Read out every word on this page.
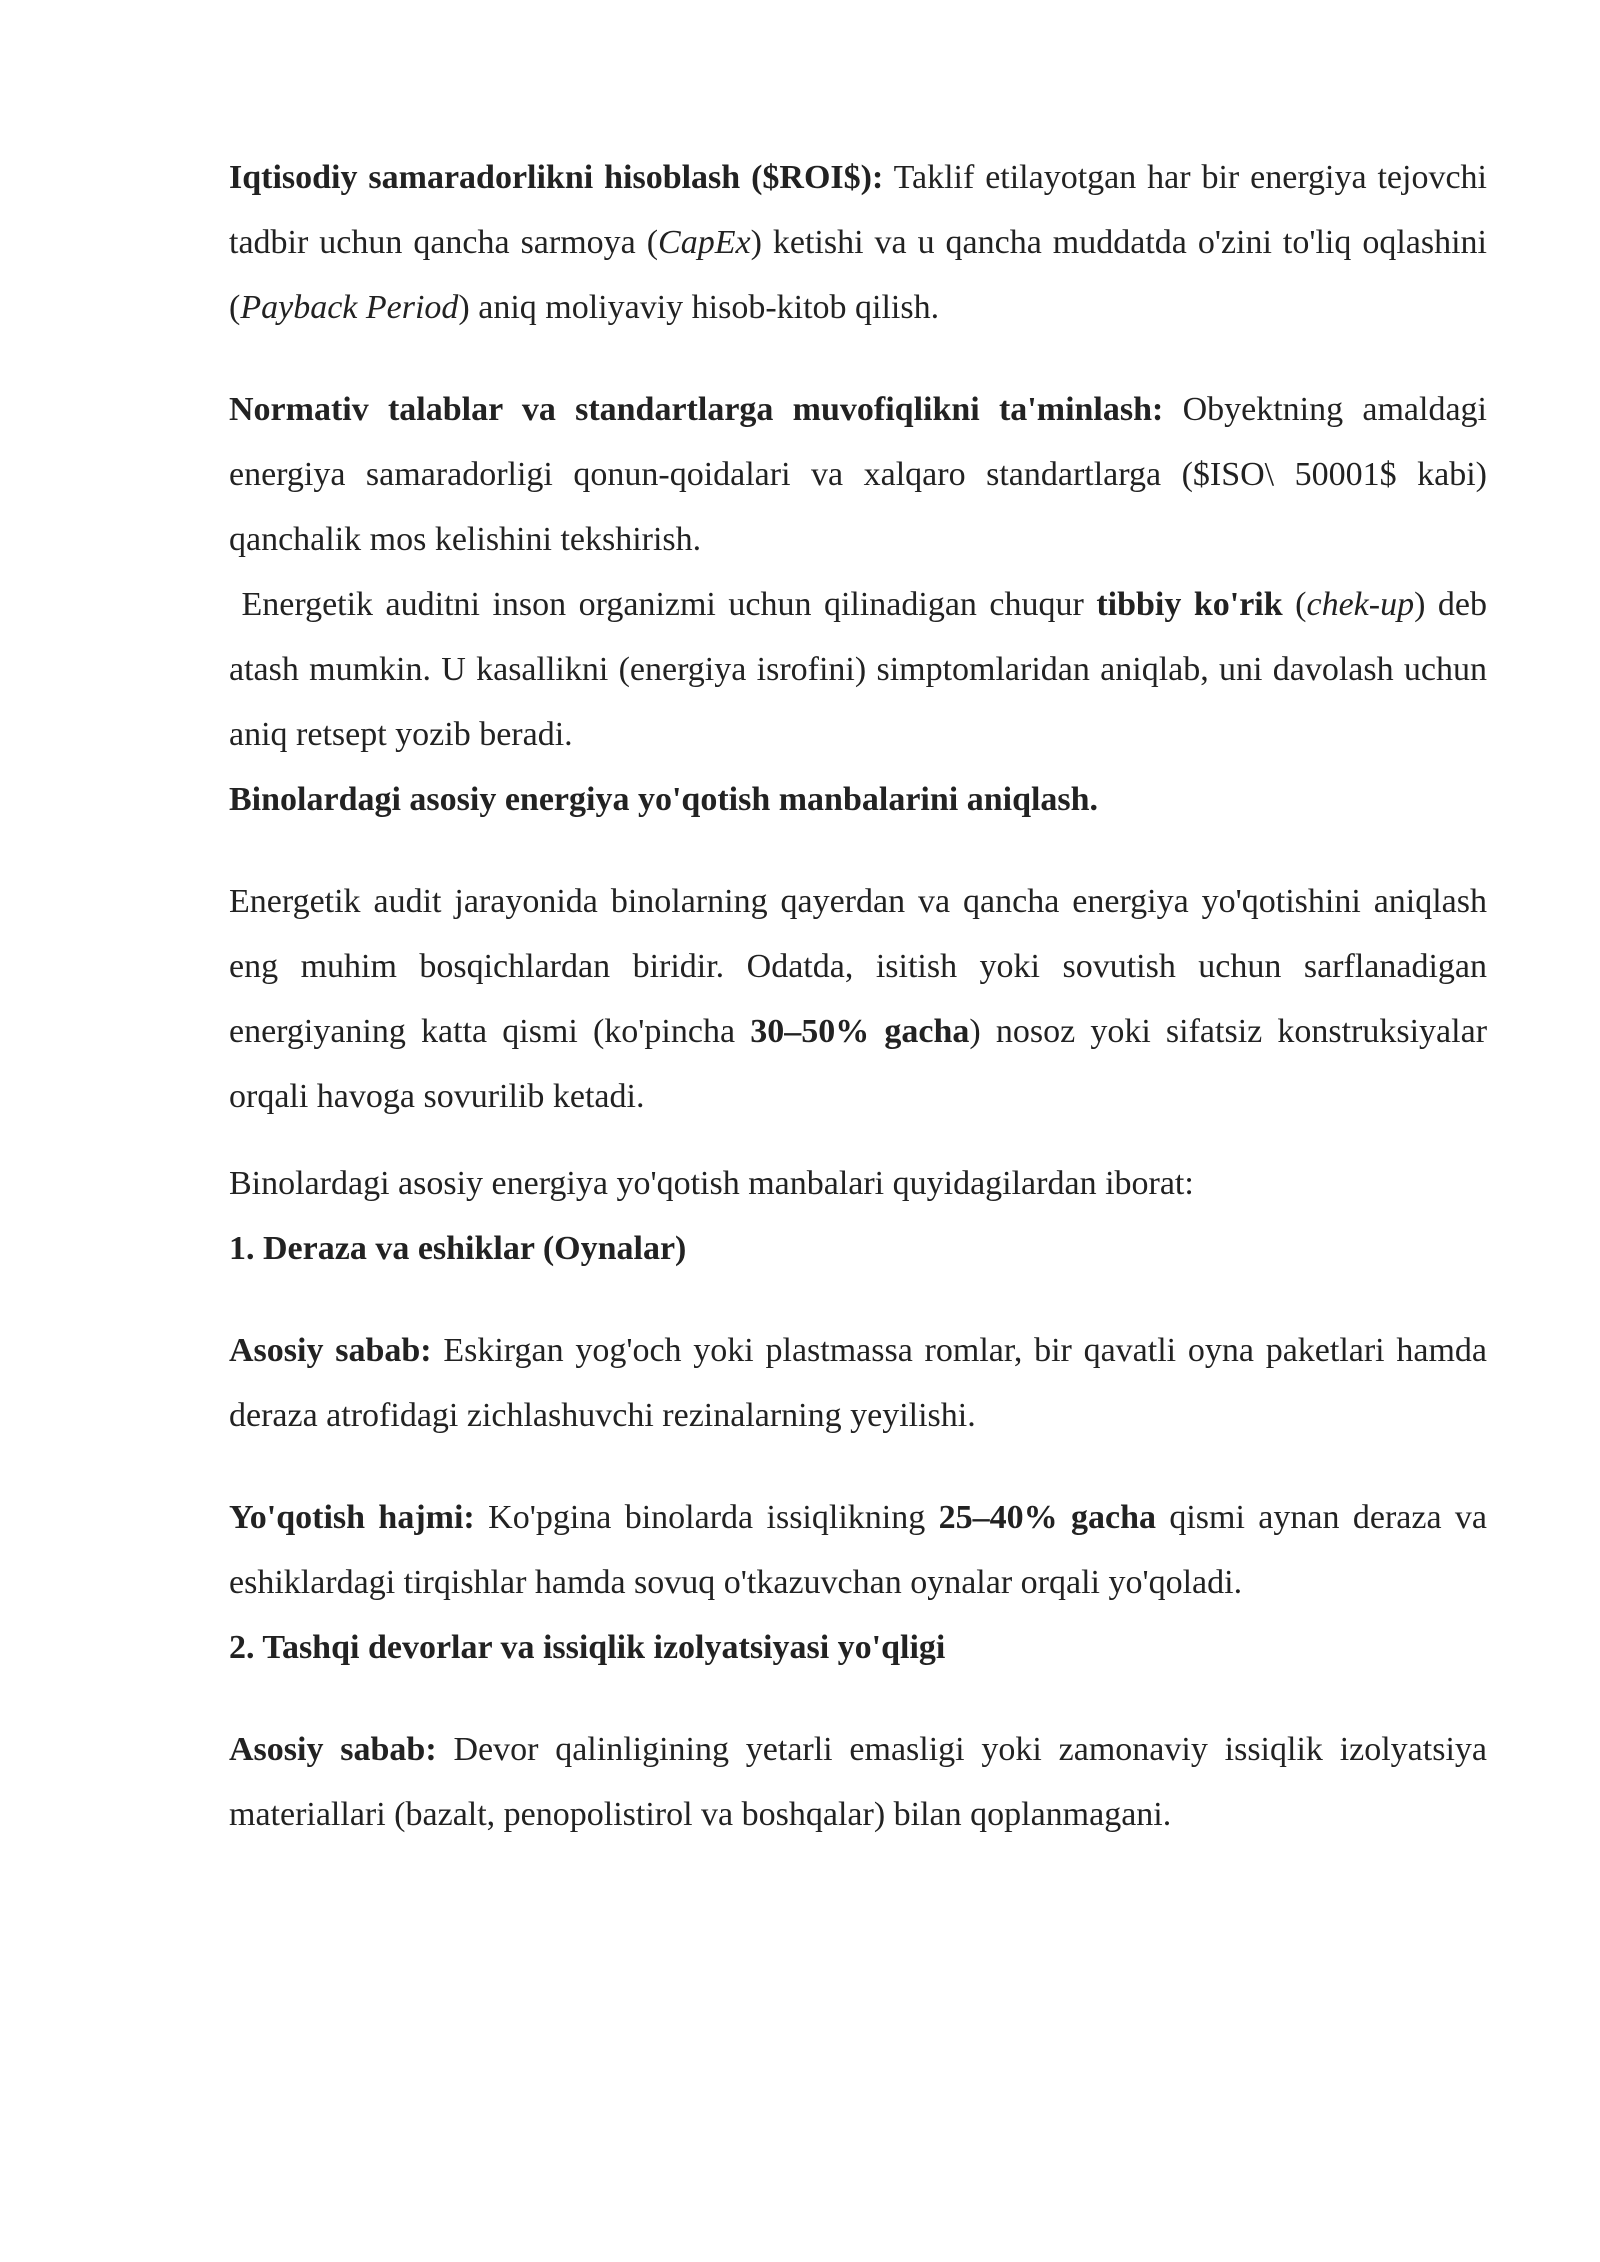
Iqtisodiy samaradorlikni hisoblash ($ROI$): Taklif etilayotgan har bir energiya tejovchi tadbir uchun qancha sarmoya (CapEx) ketishi va u qancha muddatda o'zini to'liq oqlashini (Payback Period) aniq moliyaviy hisob-kitob qilish.

Normativ talablar va standartlarga muvofiqlikni ta'minlash: Obyektning amaldagi energiya samaradorligi qonun-qoidalari va xalqaro standartlarga ($ISO\ 50001$ kabi) qanchalik mos kelishini tekshirish.

Energetik auditni inson organizmi uchun qilinadigan chuqur tibbiy ko'rik (chek-up) deb atash mumkin. U kasallikni (energiya isrofini) simptomlaridan aniqlab, uni davolash uchun aniq retsept yozib beradi.

Binolardagi asosiy energiya yo'qotish manbalarini aniqlash.

Energetik audit jarayonida binolarning qayerdan va qancha energiya yo'qotishini aniqlash eng muhim bosqichlardan biridir. Odatda, isitish yoki sovutish uchun sarflanadigan energiyaning katta qismi (ko'pincha 30–50% gacha) nosoz yoki sifatsiz konstruksiyalar orqali havoga sovurilib ketadi.

Binolardagi asosiy energiya yo'qotish manbalari quyidagilardan iborat:

1. Deraza va eshiklar (Oynalar)

Asosiy sabab: Eskirgan yog'och yoki plastmassa romlar, bir qavatli oyna paketlari hamda deraza atrofidagi zichlashuvchi rezinalarning yeyilishi.

Yo'qotish hajmi: Ko'pgina binolarda issiqlikning 25–40% gacha qismi aynan deraza va eshiklardagi tirqishlar hamda sovuq o'tkazuvchan oynalar orqali yo'qoladi.

2. Tashqi devorlar va issiqlik izolyatsiyasi yo'qligi

Asosiy sabab: Devor qalinligining yetarli emasligi yoki zamonaviy issiqlik izolyatsiya materiallari (bazalt, penopolistirol va boshqalar) bilan qoplanmagani.
